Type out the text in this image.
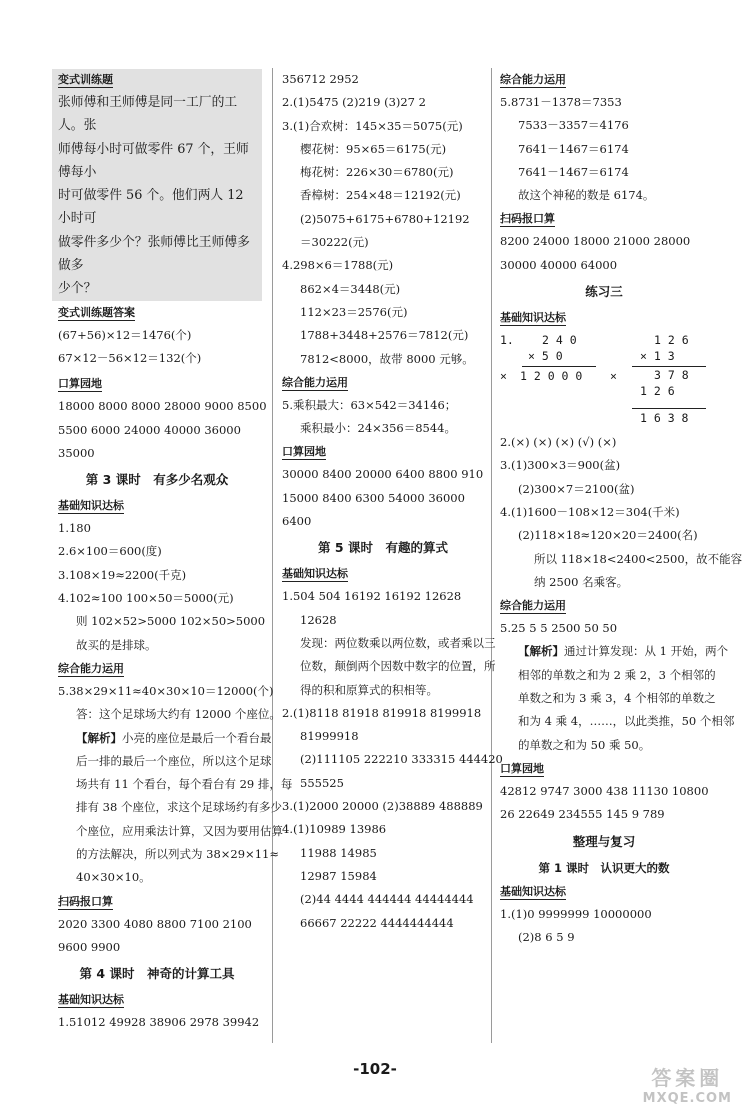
变式训练题
张师傅和王师傅是同一工厂的工人。张
师傅每小时可做零件 67 个，王师傅每小
时可做零件 56 个。他们两人 12 小时可
做零件多少个？张师傅比王师傅多做多
少个？
变式训练题答案
(67+56)×12＝1476(个)
67×12－56×12＝132(个)
口算园地
18000 8000 8000 28000 9000 8500
5500 6000 24000 40000 36000
35000
第 3 课时　有多少名观众
基础知识达标
1.180
2.6×100＝600(度)
3.108×19≈2200(千克)
4.102≈100 100×50＝5000(元)
则 102×52>5000 102×50>5000
故买的是排球。
综合能力运用
5.38×29×11≈40×30×10＝12000(个)
答：这个足球场大约有 12000 个座位。
【解析】小亮的座位是最后一个看台最
后一排的最后一个座位，所以这个足球
场共有 11 个看台，每个看台有 29 排，每
排有 38 个座位，求这个足球场约有多少
个座位，应用乘法计算，又因为要用估算
的方法解决，所以列式为 38×29×11≈
40×30×10。
扫码报口算
2020 3300 4080 8800 7100 2100
9600 9900
第 4 课时　神奇的计算工具
基础知识达标
1.51012 49928 38906 2978 39942
356712 2952
2.(1)5475 (2)219 (3)27 2
3.(1)合欢树：145×35＝5075(元)
樱花树：95×65＝6175(元)
梅花树：226×30＝6780(元)
香樟树：254×48＝12192(元)
(2)5075+6175+6780+12192
＝30222(元)
4.298×6＝1788(元)
862×4＝3448(元)
112×23＝2576(元)
1788+3448+2576＝7812(元)
7812<8000，故带 8000 元够。
综合能力运用
5.乘积最大：63×542＝34146；
乘积最小：24×356＝8544。
口算园地
30000 8400 20000 6400 8800 910
15000 8400 6300 54000 36000
6400
第 5 课时　有趣的算式
基础知识达标
1.504 504 16192 16192 12628
12628
发现：两位数乘以两位数，或者乘以三
位数，颠倒两个因数中数字的位置，所
得的积和原算式的积相等。
2.(1)8118 81918 819918 8199918
81999918
(2)111105 222210 333315 444420
555525
3.(1)2000 20000 (2)38889 488889
4.(1)10989 13986
11988 14985
12987 15984
(2)44 4444 444444 44444444
66667 22222 4444444444
综合能力运用
5.8731－1378＝7353
7533－3357＝4176
7641－1467＝6174
7641－1467＝6174
故这个神秘的数是 6174。
扫码报口算
8200 24000 18000 21000 28000
30000 40000 64000
练习三
基础知识达标
1. 2 4 0
× 5 0
× 1 2 0 0 0 ×
1 2 6
× 1 3
3 7 8
1 2 6
1 6 3 8
2.(×) (×) (×) (√) (×)
3.(1)300×3＝900(盆)
(2)300×7＝2100(盆)
4.(1)1600－108×12＝304(千米)
(2)118×18≈120×20＝2400(名)
所以 118×18<2400<2500，故不能容
纳 2500 名乘客。
综合能力运用
5.25 5 5 2500 50 50
【解析】通过计算发现：从 1 开始，两个
相邻的单数之和为 2 乘 2，3 个相邻的
单数之和为 3 乘 3，4 个相邻的单数之
和为 4 乘 4，……，以此类推，50 个相邻
的单数之和为 50 乘 50。
口算园地
42812 9747 3000 438 11130 10800
26 22649 234555 145 9 789
整理与复习
第 1 课时　认识更大的数
基础知识达标
1.(1)0 9999999 10000000
(2)8 6 5 9
-102-	答案圈
MXQE.COM
